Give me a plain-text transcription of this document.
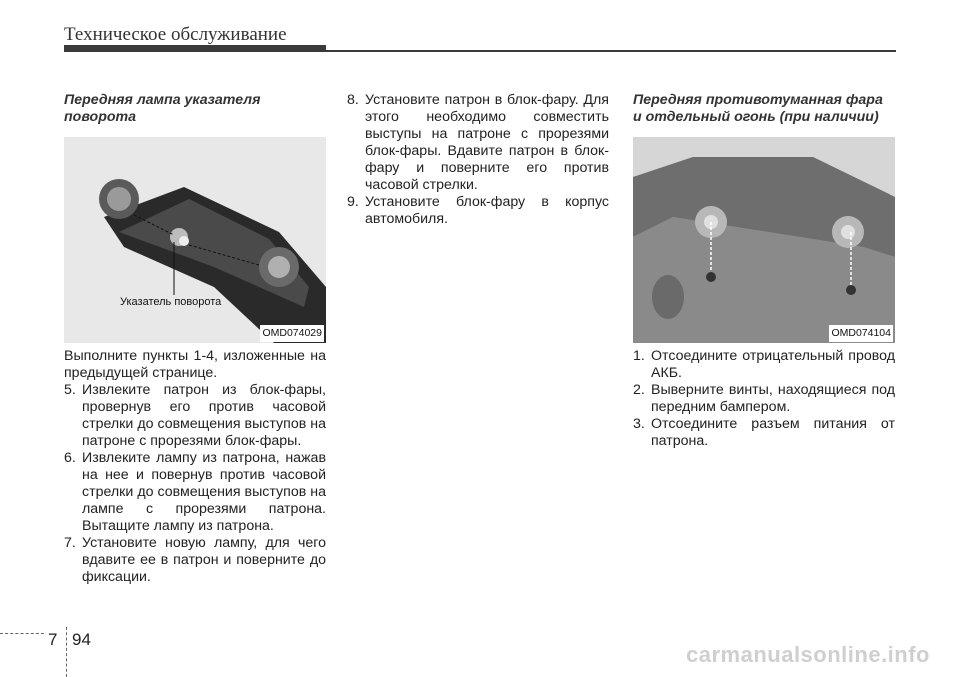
Техническое обслуживание

Передняя лампа указателя поворота

Указатель поворота
OMD074029

Выполните пункты 1-4, изложенные на предыдущей странице.

5. Извлеките патрон из блок-фары, провернув его против часовой стрелки до совмещения выступов на патроне с прорезями блок-фары.
6. Извлеките лампу из патрона, нажав на нее и повернув против часовой стрелки до совмещения выступов на лампе с прорезями патрона. Вытащите лампу из патрона.
7. Установите новую лампу, для чего вдавите ее в патрон и поверните до фиксации.
8. Установите патрон в блок-фару. Для этого необходимо совместить выступы на патроне с прорезями блок-фары. Вдавите патрон в блок-фару и поверните его против часовой стрелки.
9. Установите блок-фару в корпус автомобиля.

Передняя противотуманная фара и отдельный огонь (при наличии)

OMD074104
1. Отсоедините отрицательный провод АКБ.
2. Выверните винты, находящиеся под передним бампером.
3. Отсоедините разъем питания от патрона.
7 94
carmanualsonline.info
